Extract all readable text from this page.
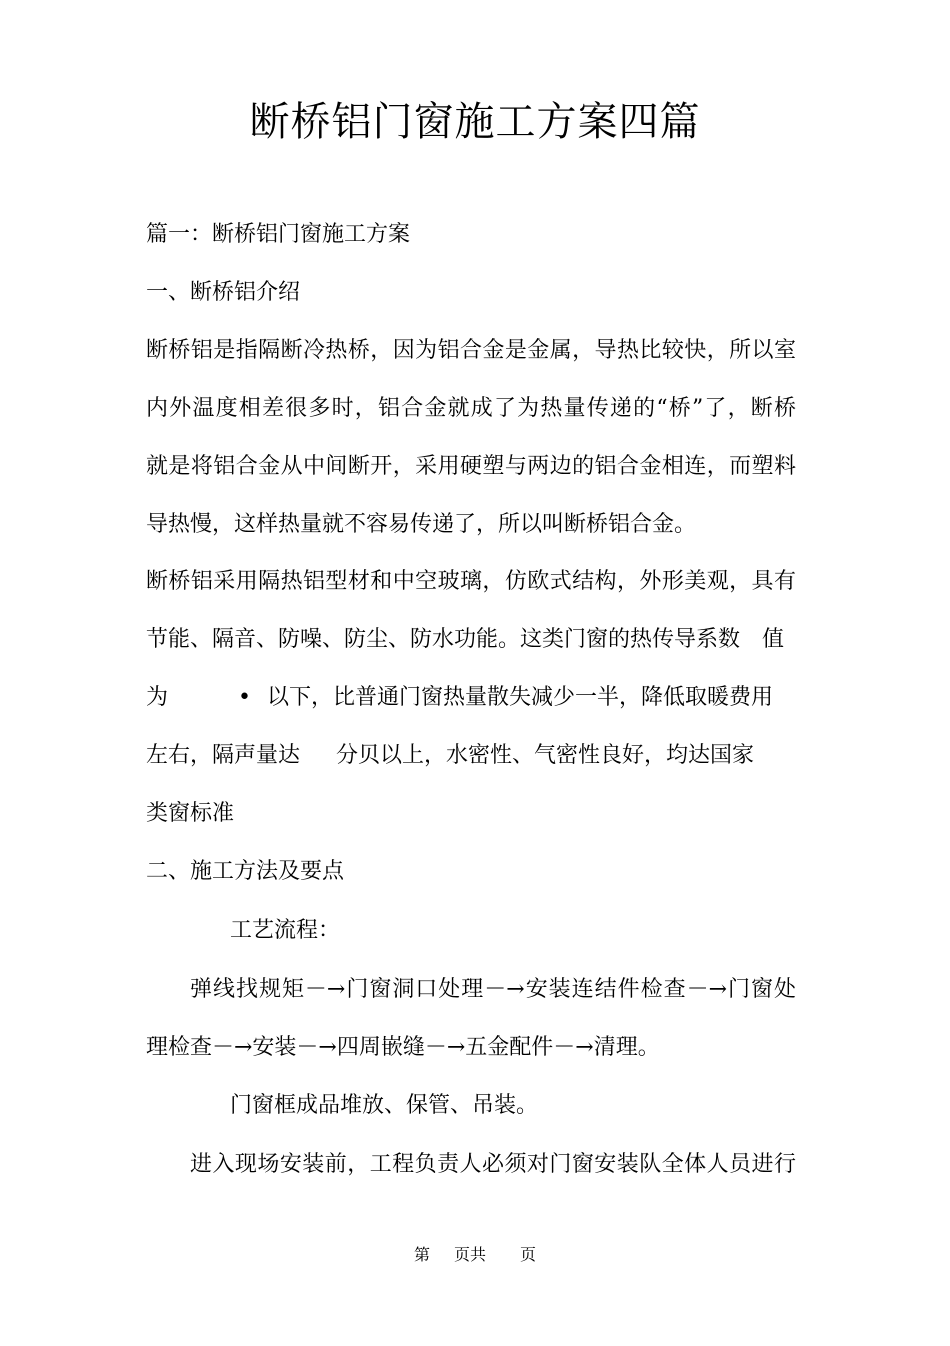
断桥铝门窗施工方案四篇
篇一：断桥铝门窗施工方案
一、断桥铝介绍
断桥铝是指隔断冷热桥，因为铝合金是金属，导热比较快，所以室
内外温度相差很多时，铝合金就成了为热量传递的“桥”了，断桥
就是将铝合金从中间断开，采用硬塑与两边的铝合金相连，而塑料
导热慢，这样热量就不容易传递了，所以叫断桥铝合金。
断桥铝采用隔热铝型材和中空玻璃，仿欧式结构，外形美观，具有
节能、隔音、防噪、防尘、防水功能。这类门窗的热传导系数 值
为	• 以下，比普通门窗热量散失减少一半，降低取暖费用
左右，隔声量达 分贝以上，水密性、气密性良好，均达国家
类窗标准
二、施工方法及要点
工艺流程：
弹线找规矩－→门窗洞口处理－→安装连结件检查－→门窗处
理检查－→安装－→四周嵌缝－→五金配件－→清理。
门窗框成品堆放、保管、吊装。
进入现场安装前，工程负责人必须对门窗安装队全体人员进行
第 页共 页
